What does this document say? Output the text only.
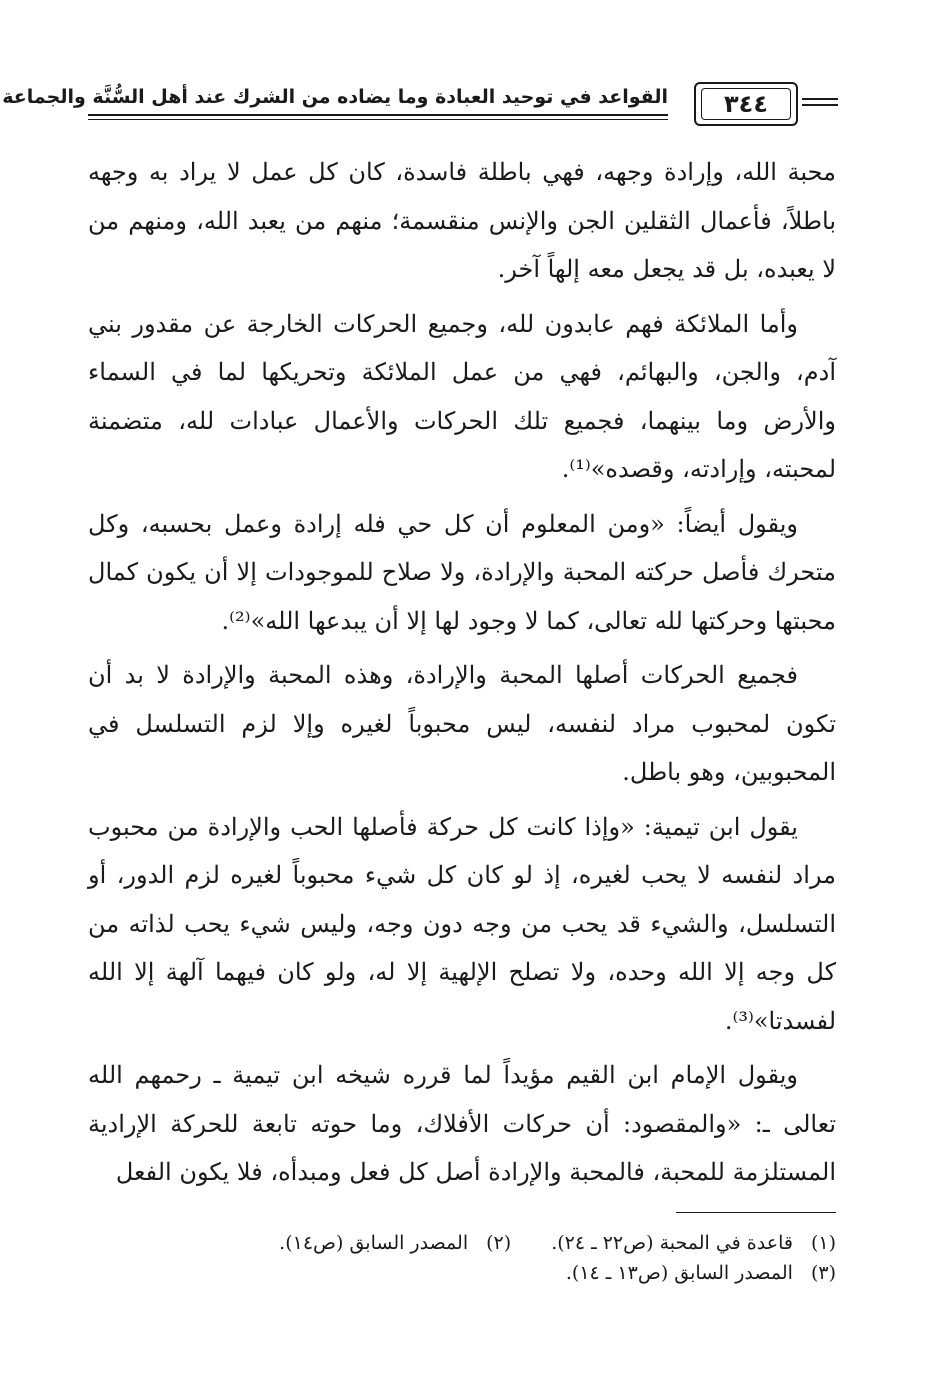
القواعد في توحيد العبادة وما يضاده من الشرك عند أهل السُّنَّة والجماعة	٣٤٤

محبة الله، وإرادة وجهه، فهي باطلة فاسدة، كان كل عمل لا يراد به وجهه باطلاً، فأعمال الثقلين الجن والإنس منقسمة؛ منهم من يعبد الله، ومنهم من لا يعبده، بل قد يجعل معه إلهاً آخر.

وأما الملائكة فهم عابدون لله، وجميع الحركات الخارجة عن مقدور بني آدم، والجن، والبهائم، فهي من عمل الملائكة وتحريكها لما في السماء والأرض وما بينهما، فجميع تلك الحركات والأعمال عبادات لله، متضمنة لمحبته، وإرادته، وقصده»⁽¹⁾.

ويقول أيضاً: «ومن المعلوم أن كل حي فله إرادة وعمل بحسبه، وكل متحرك فأصل حركته المحبة والإرادة، ولا صلاح للموجودات إلا أن يكون كمال محبتها وحركتها لله تعالى، كما لا وجود لها إلا أن يبدعها الله»⁽²⁾.

فجميع الحركات أصلها المحبة والإرادة، وهذه المحبة والإرادة لا بد أن تكون لمحبوب مراد لنفسه، ليس محبوباً لغيره وإلا لزم التسلسل في المحبوبين، وهو باطل.

يقول ابن تيمية: «وإذا كانت كل حركة فأصلها الحب والإرادة من محبوب مراد لنفسه لا يحب لغيره، إذ لو كان كل شيء محبوباً لغيره لزم الدور، أو التسلسل، والشيء قد يحب من وجه دون وجه، وليس شيء يحب لذاته من كل وجه إلا الله وحده، ولا تصلح الإلهية إلا له، ولو كان فيهما آلهة إلا الله لفسدتا»⁽³⁾.

ويقول الإمام ابن القيم مؤيداً لما قرره شيخه ابن تيمية ـ رحمهم الله تعالى ـ: «والمقصود: أن حركات الأفلاك، وما حوته تابعة للحركة الإرادية المستلزمة للمحبة، فالمحبة والإرادة أصل كل فعل ومبدأه، فلا يكون الفعل

(١)قاعدة في المحبة (ص٢٢ ـ ٢٤).
(٢)المصدر السابق (ص١٤).
(٣)المصدر السابق (ص١٣ ـ ١٤).
